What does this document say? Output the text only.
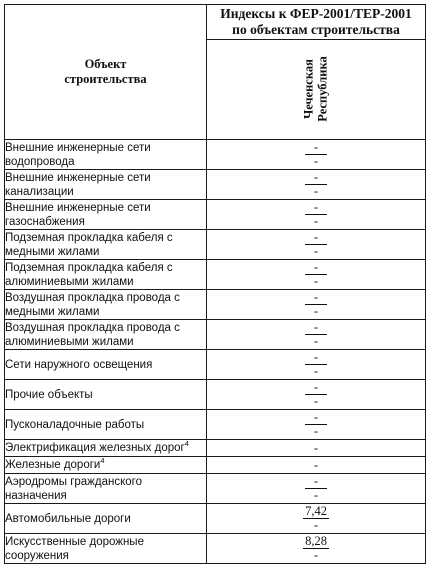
Объект
строительства	Индексы к ФЕР-2001/ТЕР-2001
по объектам строительства

	Чеченская Республика

Внешние инженерные сети
водопровода	$\frac{-}{-}$

Внешние инженерные сети
канализации	$\frac{-}{-}$

Внешние инженерные сети
газоснабжения	$\frac{-}{-}$

Подземная прокладка кабеля с
медными жилами	$\frac{-}{-}$

Подземная прокладка кабеля с
алюминиевыми жилами	$\frac{-}{-}$

Воздушная прокладка провода с
медными жилами	$\frac{-}{-}$

Воздушная прокладка провода с
алюминиевыми жилами	$\frac{-}{-}$

Сети наружного освещения	$\frac{-}{-}$

Прочие объекты	$\frac{-}{-}$

Пусконаладочные работы	$\frac{-}{-}$

Электрификация железных дорог$^4$	-

Железные дороги$^4$	-

Аэродромы гражданского
назначения	$\frac{-}{-}$

Автомобильные дороги	$\frac{7,42}{-}$

Искусственные дорожные
сооружения	$\frac{8,28}{-}$
